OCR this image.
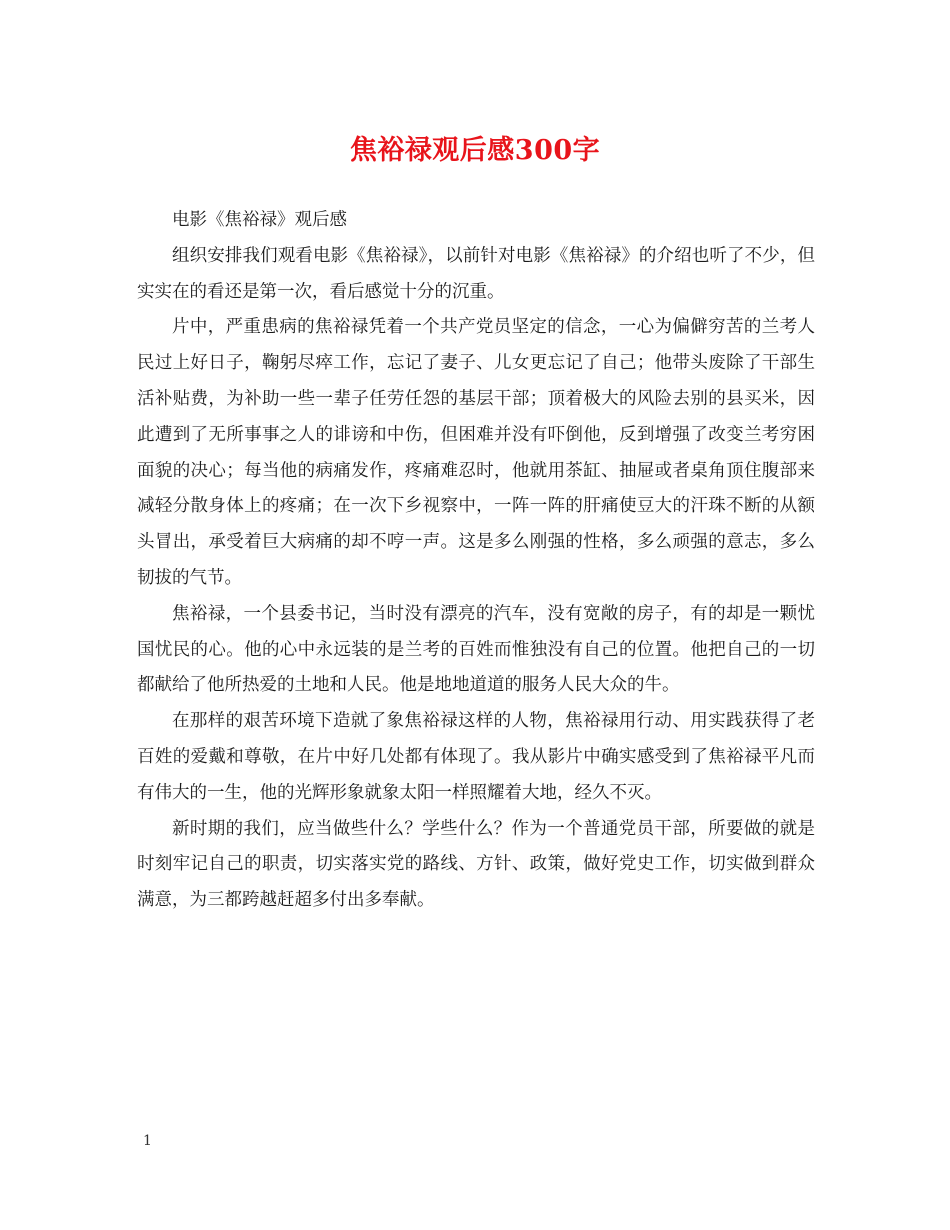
焦裕禄观后感300字

电影《焦裕禄》观后感

组织安排我们观看电影《焦裕禄》，以前针对电影《焦裕禄》的介绍也听了不少，但实实在的看还是第一次，看后感觉十分的沉重。

片中，严重患病的焦裕禄凭着一个共产党员坚定的信念，一心为偏僻穷苦的兰考人民过上好日子，鞠躬尽瘁工作，忘记了妻子、儿女更忘记了自己；他带头废除了干部生活补贴费，为补助一些一辈子任劳任怨的基层干部；顶着极大的风险去别的县买米，因此遭到了无所事事之人的诽谤和中伤，但困难并没有吓倒他，反到增强了改变兰考穷困面貌的决心；每当他的病痛发作，疼痛难忍时，他就用茶缸、抽屉或者桌角顶住腹部来减轻分散身体上的疼痛；在一次下乡视察中，一阵一阵的肝痛使豆大的汗珠不断的从额头冒出，承受着巨大病痛的却不哼一声。这是多么刚强的性格，多么顽强的意志，多么韧拔的气节。

焦裕禄，一个县委书记，当时没有漂亮的汽车，没有宽敞的房子，有的却是一颗忧国忧民的心。他的心中永远装的是兰考的百姓而惟独没有自己的位置。他把自己的一切都献给了他所热爱的土地和人民。他是地地道道的服务人民大众的牛。

在那样的艰苦环境下造就了象焦裕禄这样的人物，焦裕禄用行动、用实践获得了老百姓的爱戴和尊敬，在片中好几处都有体现了。我从影片中确实感受到了焦裕禄平凡而有伟大的一生，他的光辉形象就象太阳一样照耀着大地，经久不灭。

新时期的我们，应当做些什么？学些什么？作为一个普通党员干部，所要做的就是时刻牢记自己的职责，切实落实党的路线、方针、政策，做好党史工作，切实做到群众满意，为三都跨越赶超多付出多奉献。

1
